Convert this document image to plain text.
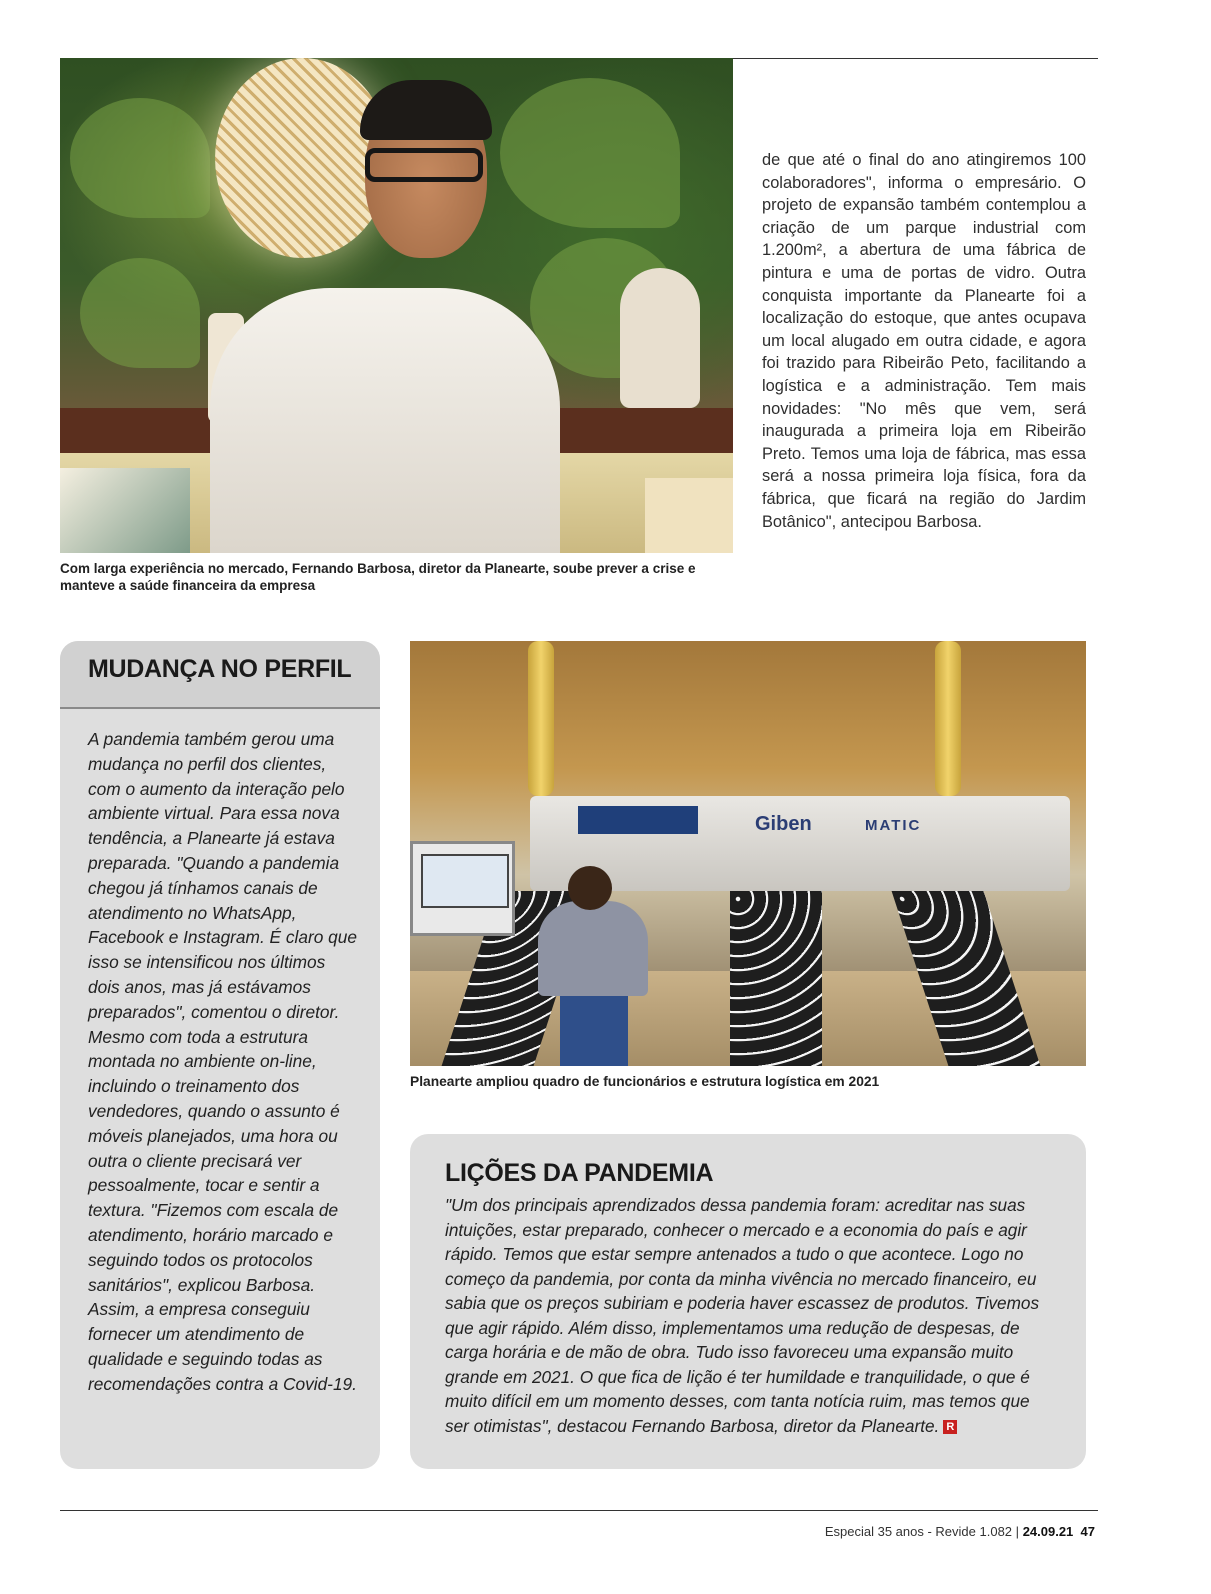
Com larga experiência no mercado, Fernando Barbosa, diretor da Planearte, soube prever a crise e manteve a saúde financeira da empresa

de que até o final do ano atingiremos 100 colaboradores", informa o empresário. O projeto de expansão também contemplou a criação de um parque industrial com 1.200m², a abertura de uma fábrica de pintura e uma de portas de vidro. Outra conquista importante da Planearte foi a localização do estoque, que antes ocupava um local alugado em outra cidade, e agora foi trazido para Ribeirão Peto, facilitando a logística e a administração. Tem mais novidades: "No mês que vem, será inaugurada a primeira loja em Ribeirão Preto. Temos uma loja de fábrica, mas essa será a nossa primeira loja física, fora da fábrica, que ficará na região do Jardim Botânico", antecipou Barbosa.

MUDANÇA NO PERFIL

A pandemia também gerou uma mudança no perfil dos clientes, com o aumento da interação pelo ambiente virtual. Para essa nova tendência, a Planearte já estava preparada. "Quando a pandemia chegou já tínhamos canais de atendimento no WhatsApp, Facebook e Instagram. É claro que isso se intensificou nos últimos dois anos, mas já estávamos preparados", comentou o diretor. Mesmo com toda a estrutura montada no ambiente on-line, incluindo o treinamento dos vendedores, quando o assunto é móveis planejados, uma hora ou outra o cliente precisará ver pessoalmente, tocar e sentir a textura. "Fizemos com escala de atendimento, horário marcado e seguindo todos os protocolos sanitários", explicou Barbosa. Assim, a empresa conseguiu fornecer um atendimento de qualidade e seguindo todas as recomendações contra a Covid-19.

Giben	MATIC

Planearte ampliou quadro de funcionários e estrutura logística em 2021

LIÇÕES DA PANDEMIA

"Um dos principais aprendizados dessa pandemia foram: acreditar nas suas intuições, estar preparado, conhecer o mercado e a economia do país e agir rápido. Temos que estar sempre antenados a tudo o que acontece. Logo no começo da pandemia, por conta da minha vivência no mercado financeiro, eu sabia que os preços subiriam e poderia haver escassez de produtos. Tivemos que agir rápido. Além disso, implementamos uma redução de despesas, de carga horária e de mão de obra. Tudo isso favoreceu uma expansão muito grande em 2021. O que fica de lição é ter humildade e tranquilidade, o que é muito difícil em um momento desses, com tanta notícia ruim, mas temos que ser otimistas", destacou Fernando Barbosa, diretor da Planearte. R

Especial 35 anos - Revide 1.082 | 24.09.21 47
